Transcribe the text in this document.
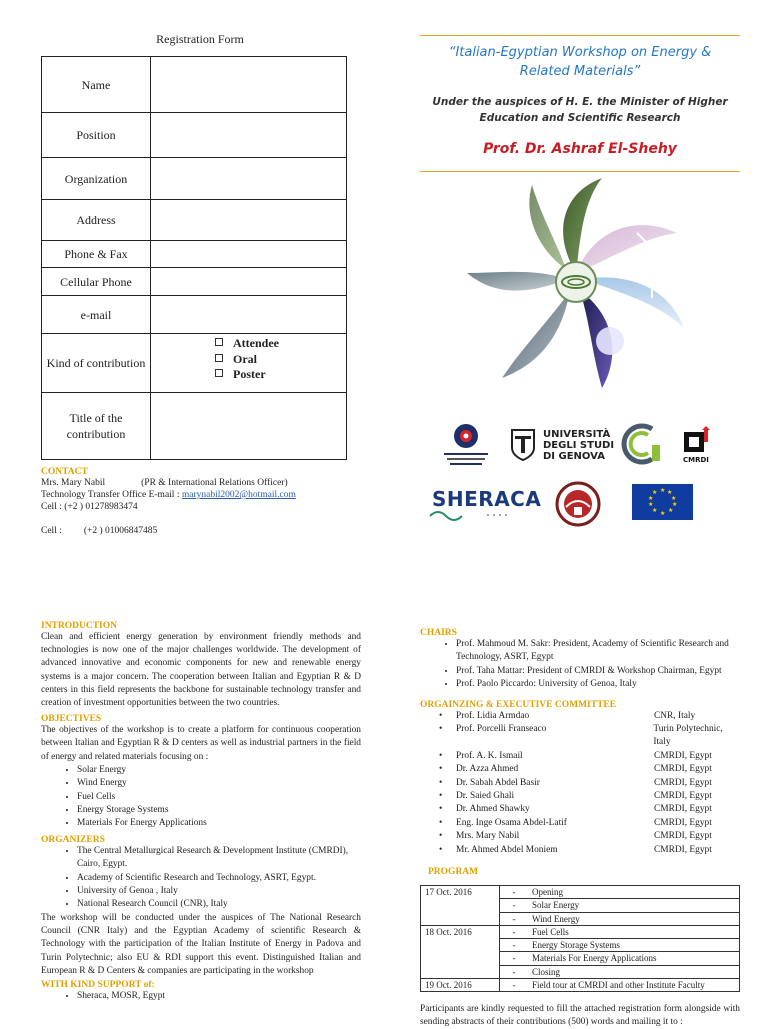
Registration Form
Name	
Position	
Organization	
Address	
Phone & Fax	
Cellular Phone	
e-mail	
Kind of contribution	Attendee
Oral
Poster

Title of the contribution	
CONTACT
Mrs. Mary Nabil	(PR & International Relations Officer)
Technology Transfer Office E-mail : marynabil2002@hotmail.com
Cell : (+2 ) 01278983474
Cell : (+2 ) 01006847485
“Italian-Egyptian Workshop on Energy &
Related Materials”
Under the auspices of H. E. the Minister of Higher
Education and Scientific Research
Prof. Dr. Ashraf El-Shehy
UNIVERSITÀ
DEGLI STUDI
DI GENOVA	CMRDI
SHERACA	★ ★
★
★
★
★
★
★
★
★
INTRODUCTION
Clean and efficient energy generation by environment friendly methods and technologies is now one of the major challenges worldwide. The development of advanced innovative and economic components for new and renewable energy systems is a major concern. The cooperation between Italian and Egyptian R & D centers in this field represents the backbone for sustainable technology transfer and creation of investment opportunities between the two countries.
OBJECTIVES
The objectives of the workshop is to create a platform for continuous cooperation between Italian and Egyptian R & D centers as well as industrial partners in the field of energy and related materials focusing on :
• Solar Energy
• Wind Energy
• Fuel Cells
• Energy Storage Systems
• Materials For Energy Applications
ORGANIZERS
• The Central Metallurgical Research & Development Institute (CMRDI), Cairo, Egypt.
• Academy of Scientific Research and Technology, ASRT, Egypt.
• University of Genoa , Italy
• National Research Council (CNR), Italy
The workshop will be conducted under the auspices of The National Research Council (CNR Italy) and the Egyptian Academy of scientific Research & Technology with the participation of the Italian Institute of Energy in Padova and Turin Polytechnic; also EU & RDI support this event. Distinguished Italian and European R & D Centers & companies are participating in the workshop
WITH KIND SUPPORT of:
• Sheraca, MOSR, Egypt
CHAIRS
• Prof. Mahmoud M. Sakr: President, Academy of Scientific Research and Technology, ASRT, Egypt
• Prof. Taha Mattar: President of CMRDI & Workshop Chairman, Egypt
• Prof. Paolo Piccardo: University of Genoa, Italy
ORGAINZING & EXECUTIVE COMMITTEE
• Prof. Lidia Armdao	CNR, Italy
• Prof. Porcelli Franseaco	Turin Polytechnic, Italy
• Prof. A. K. Ismail	CMRDI, Egypt
• Dr. Azza Ahmed	CMRDI, Egypt
• Dr. Sabah Abdel Basir	CMRDI, Egypt
• Dr. Saied Ghali	CMRDI, Egypt
• Dr. Ahmed Shawky	CMRDI, Egypt
• Eng. Inge Osama Abdel-Latif	CMRDI, Egypt
• Mrs. Mary Nabil	CMRDI, Egypt
• Mr. Ahmed Abdel Moniem	CMRDI, Egypt
PROGRAM
17 Oct. 2016	-	Opening
	-	Solar Energy
	-	Wind Energy
18 Oct. 2016	-	Fuel Cells
	-	Energy Storage Systems
	-	Materials For Energy Applications
	-	Closing
19 Oct. 2016	-	Field tour at CMRDI and other Institute Faculty
Participants are kindly requested to fill the attached registration form alongside with sending abstracts of their contributions (500) words and mailing it to :
